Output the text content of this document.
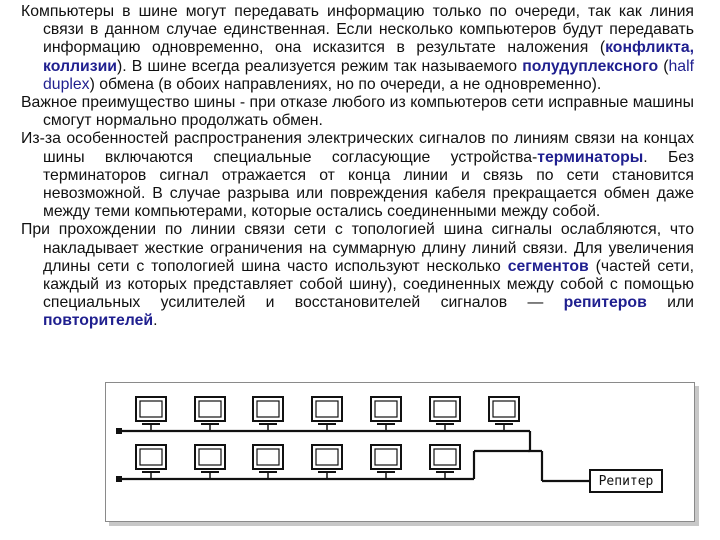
Компьютеры в шине могут передавать информацию только по очереди, так как линия связи в данном случае единственная. Если несколько компьютеров будут передавать информацию одновременно, она исказится в результате наложения (конфликта, коллизии). В шине всегда реализуется режим так называемого полудуплексного (half duplex) обмена (в обоих направлениях, но по очереди, а не одновременно).

Важное преимущество шины - при отказе любого из компьютеров сети исправные машины смогут нормально продолжать обмен.

Из-за особенностей распространения электрических сигналов по линиям связи на концах шины включаются специальные согласующие устройства-терминаторы. Без терминаторов сигнал отражается от конца линии и связь по сети становится невозможной. В случае разрыва или повреждения кабеля прекращается обмен даже между теми компьютерами, которые остались соединенными между собой.

При прохождении по линии связи сети с топологией шина сигналы ослабляются, что накладывает жесткие ограничения на суммарную длину линий связи. Для увеличения длины сети с топологией шина часто используют несколько сегментов (частей сети, каждый из которых представляет собой шину), соединенных между собой с помощью специальных усилителей и восстановителей сигналов — репитеров или повторителей.

Репитер
